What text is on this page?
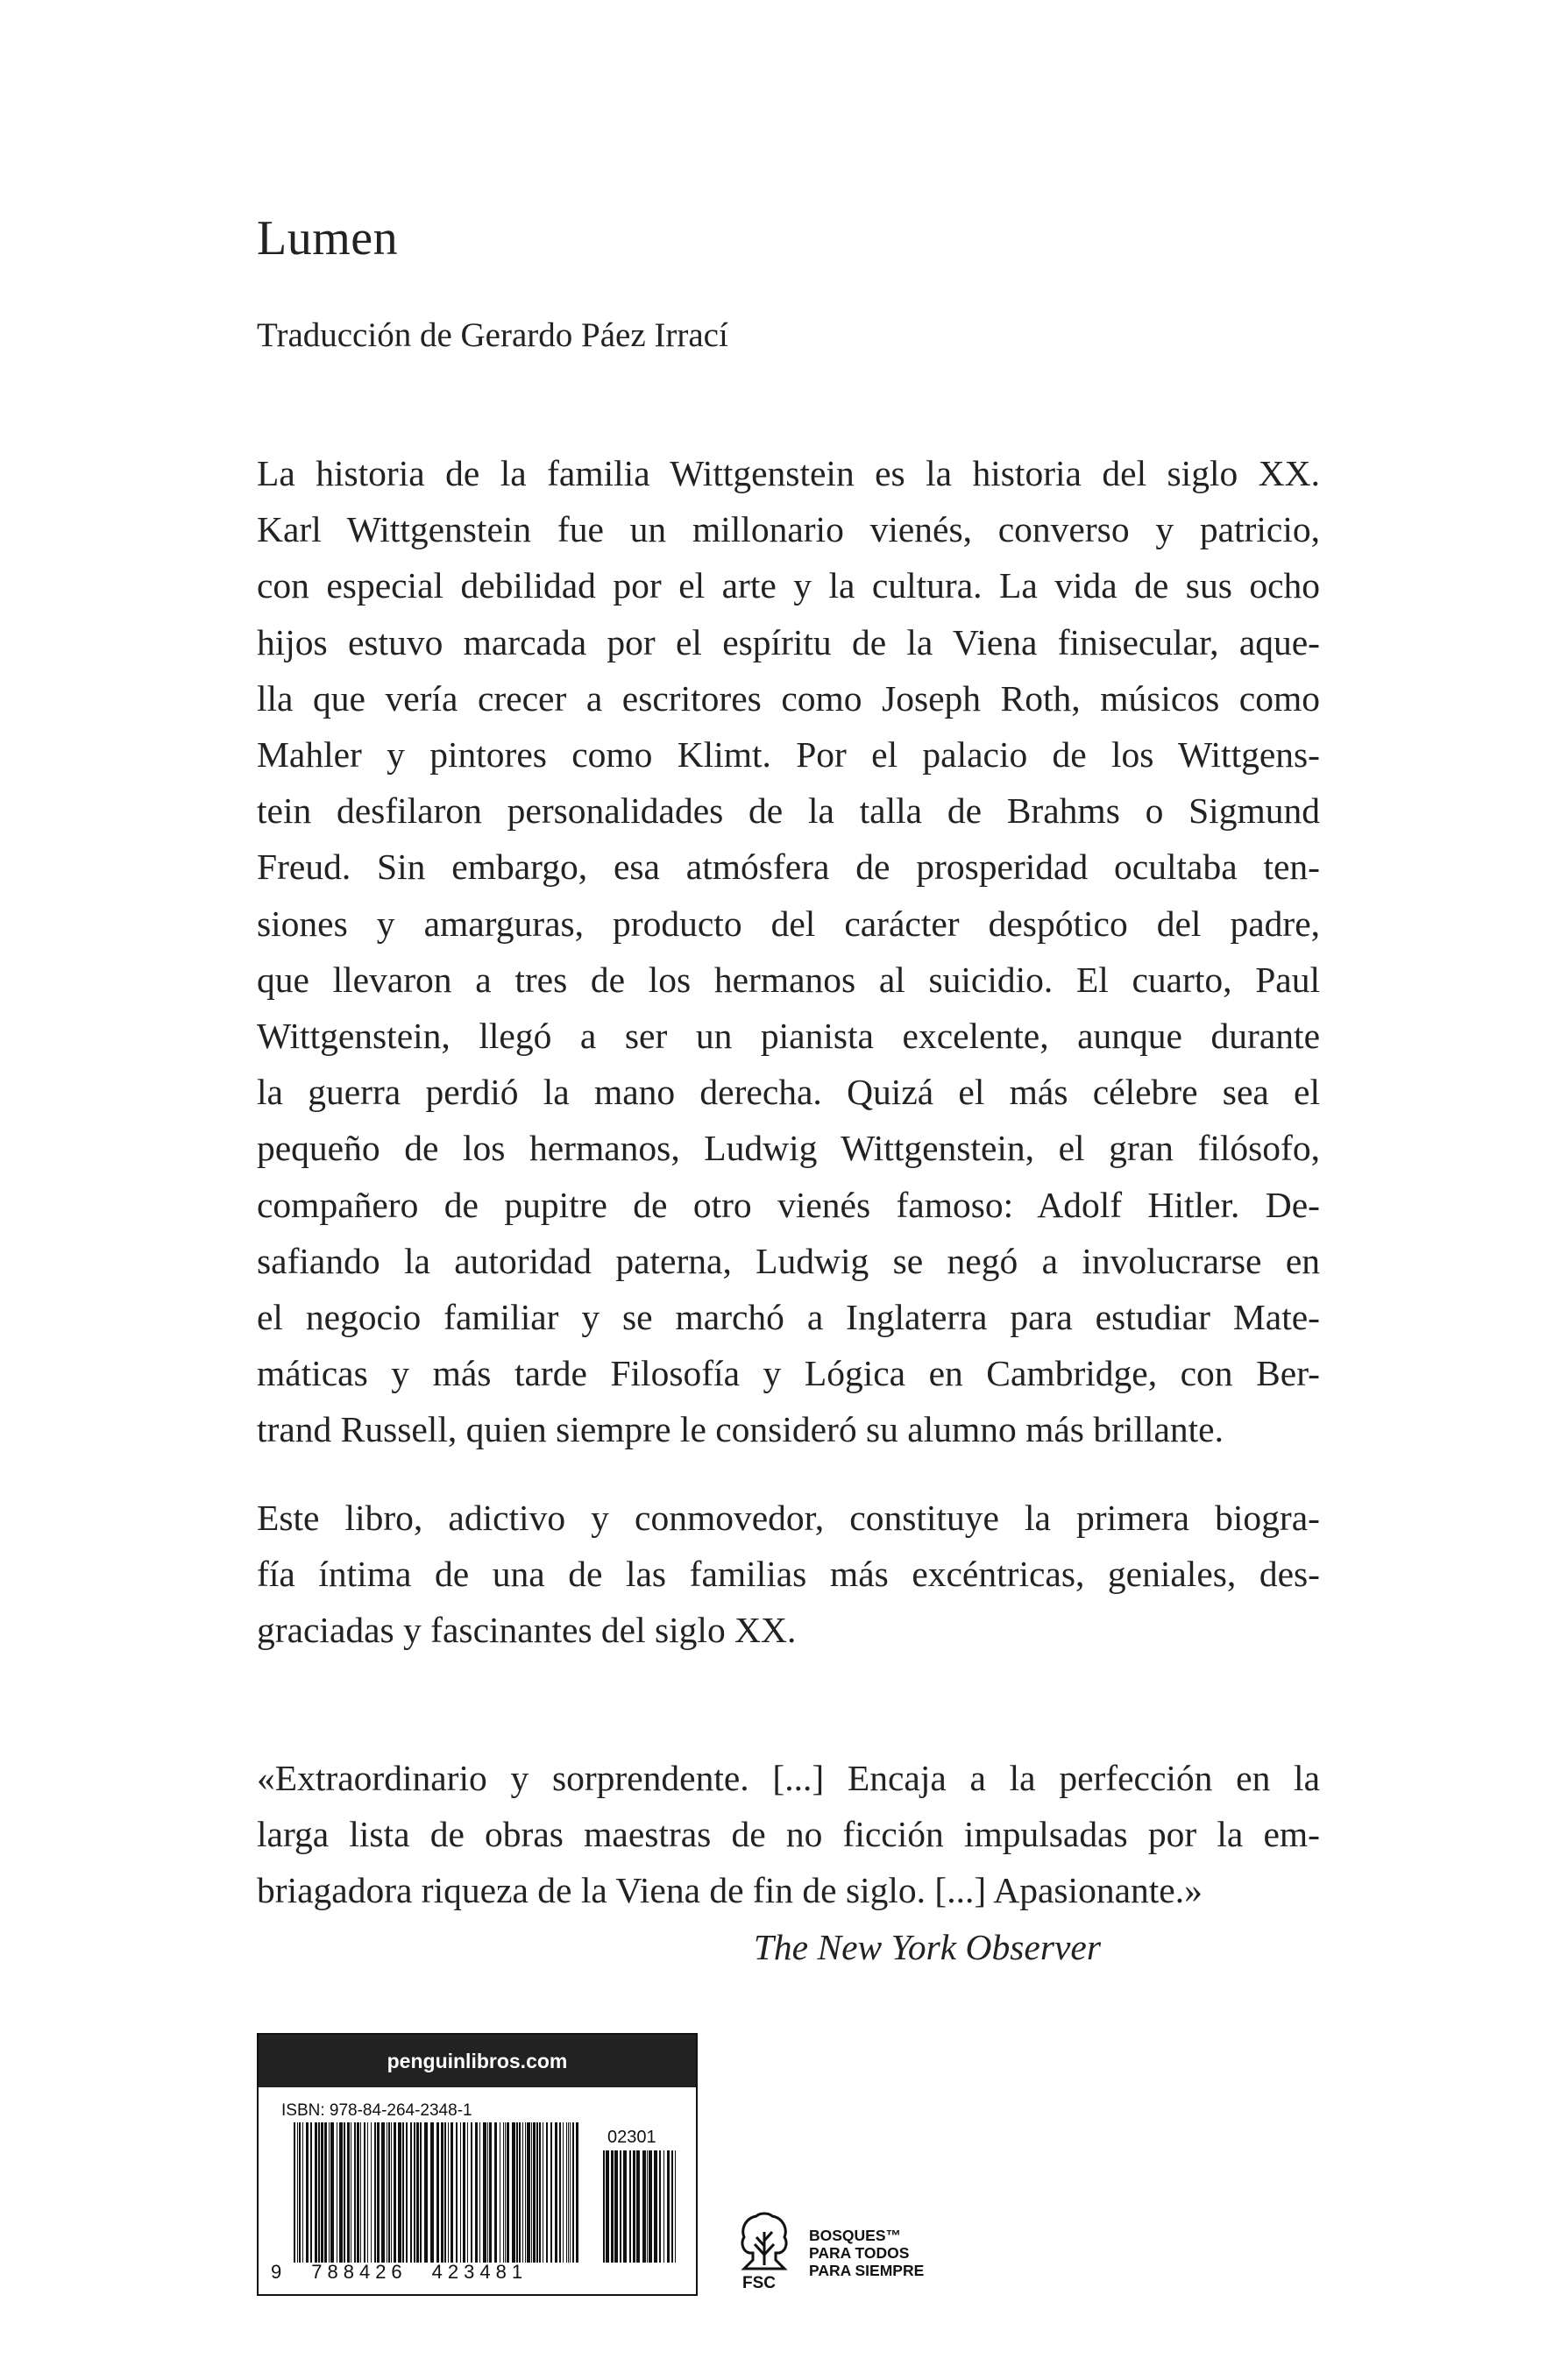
Lumen
Traducción de Gerardo Páez Irrací
La historia de la familia Wittgenstein es la historia del siglo XX.
Karl Wittgenstein fue un millonario vienés, converso y patricio,
con especial debilidad por el arte y la cultura. La vida de sus ocho
hijos estuvo marcada por el espíritu de la Viena finisecular, aque-
lla que vería crecer a escritores como Joseph Roth, músicos como
Mahler y pintores como Klimt. Por el palacio de los Wittgens-
tein desfilaron personalidades de la talla de Brahms o Sigmund
Freud. Sin embargo, esa atmósfera de prosperidad ocultaba ten-
siones y amarguras, producto del carácter despótico del padre,
que llevaron a tres de los hermanos al suicidio. El cuarto, Paul
Wittgenstein, llegó a ser un pianista excelente, aunque durante
la guerra perdió la mano derecha. Quizá el más célebre sea el
pequeño de los hermanos, Ludwig Wittgenstein, el gran filósofo,
compañero de pupitre de otro vienés famoso: Adolf Hitler. De-
safiando la autoridad paterna, Ludwig se negó a involucrarse en
el negocio familiar y se marchó a Inglaterra para estudiar Mate-
máticas y más tarde Filosofía y Lógica en Cambridge, con Ber-
trand Russell, quien siempre le consideró su alumno más brillante.
Este libro, adictivo y conmovedor, constituye la primera biogra-
fía íntima de una de las familias más excéntricas, geniales, des-
graciadas y fascinantes del siglo XX.
«Extraordinario y sorprendente. [...] Encaja a la perfección en la
larga lista de obras maestras de no ficción impulsadas por la em-
briagadora riqueza de la Viena de fin de siglo. [...] Apasionante.»
The New York Observer
penguinlibros.com
ISBN: 978-84-264-2348-1
02301
9 788426 423481
FSC
BOSQUES™
PARA TODOS
PARA SIEMPRE
